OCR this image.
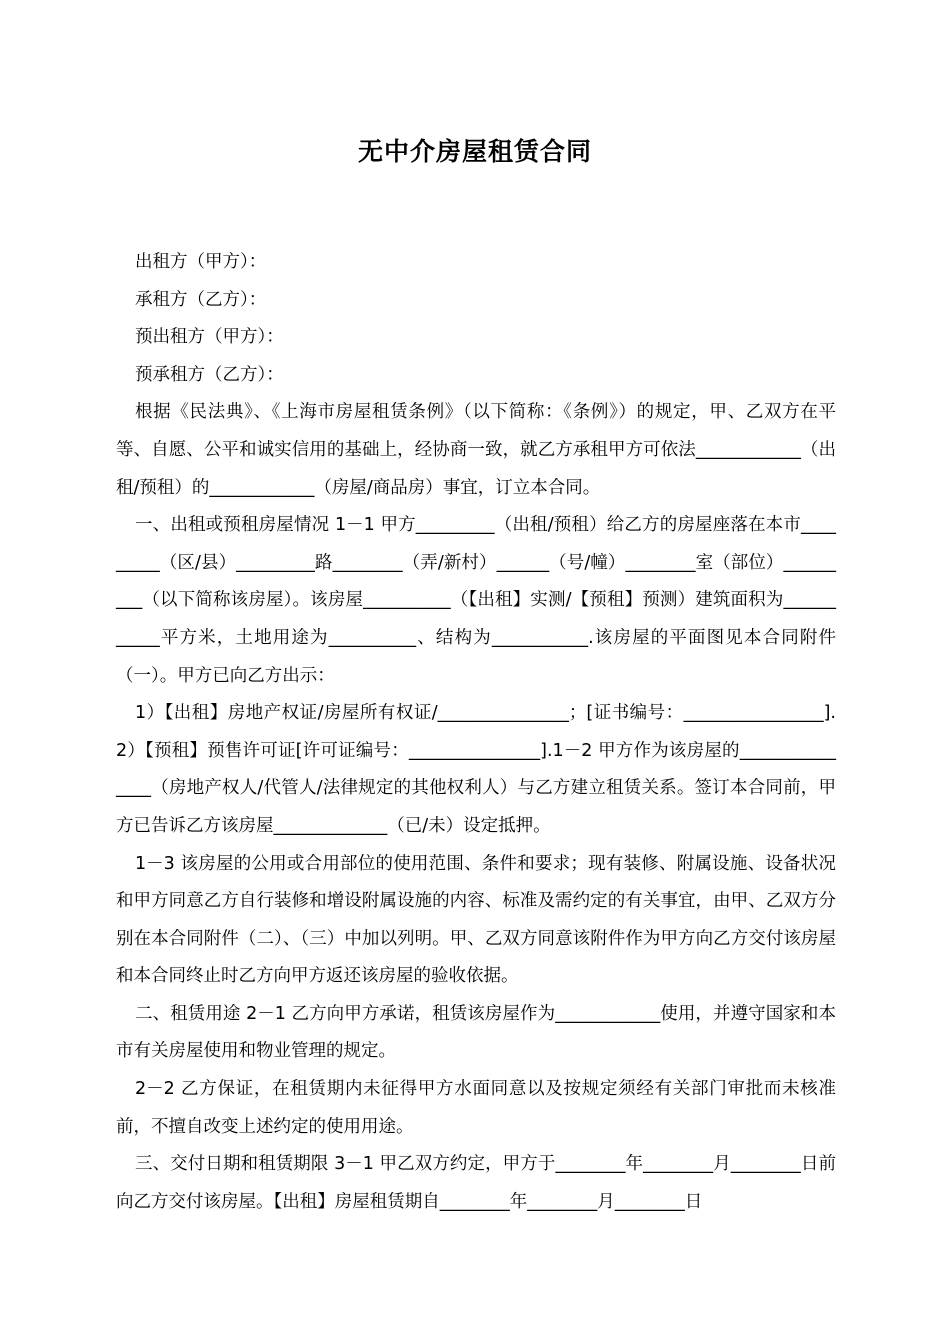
无中介房屋租赁合同

出租方（甲方）：

承租方（乙方）：

预出租方（甲方）：

预承租方（乙方）：

根据《民法典》、《上海市房屋租赁条例》（以下简称：《条例》）的规定，甲、乙双方在平等、自愿、公平和诚实信用的基础上，经协商一致，就乙方承租甲方可依法____________（出租/预租）的____________（房屋/商品房）事宜，订立本合同。

一、出租或预租房屋情况 1－1 甲方_________（出租/预租）给乙方的房屋座落在本市_________（区/县）_________路________（弄/新村）______（号/幢）________室（部位）_________（以下简称该房屋）。该房屋__________（【出租】实测/【预租】预测）建筑面积为___________平方米，土地用途为__________、结构为___________.该房屋的平面图见本合同附件（一）。甲方已向乙方出示：

1）【出租】房地产权证/房屋所有权证/_______________；[证书编号：________________].2）【预租】预售许可证[许可证编号：_______________].1－2 甲方作为该房屋的_______________（房地产权人/代管人/法律规定的其他权利人）与乙方建立租赁关系。签订本合同前，甲方已告诉乙方该房屋_____________（已/未）设定抵押。

1－3 该房屋的公用或合用部位的使用范围、条件和要求；现有装修、附属设施、设备状况和甲方同意乙方自行装修和增设附属设施的内容、标准及需约定的有关事宜，由甲、乙双方分别在本合同附件（二）、（三）中加以列明。甲、乙双方同意该附件作为甲方向乙方交付该房屋和本合同终止时乙方向甲方返还该房屋的验收依据。

二、租赁用途 2－1 乙方向甲方承诺，租赁该房屋作为____________使用，并遵守国家和本市有关房屋使用和物业管理的规定。

2－2 乙方保证，在租赁期内未征得甲方水面同意以及按规定须经有关部门审批而未核准前，不擅自改变上述约定的使用用途。

三、交付日期和租赁期限 3－1 甲乙双方约定，甲方于________年________月________日前向乙方交付该房屋。【出租】房屋租赁期自________年________月________日
